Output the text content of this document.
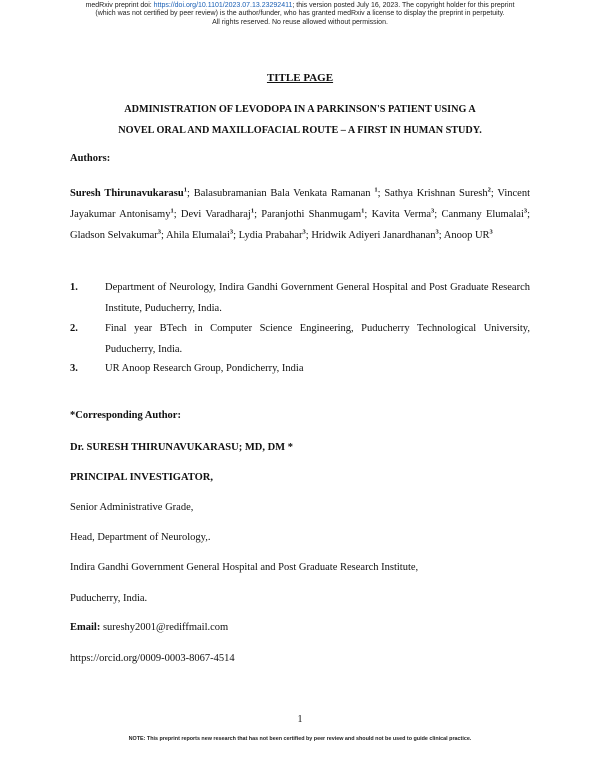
medRxiv preprint doi: https://doi.org/10.1101/2023.07.13.23292411; this version posted July 16, 2023. The copyright holder for this preprint
(which was not certified by peer review) is the author/funder, who has granted medRxiv a license to display the preprint in perpetuity.
All rights reserved. No reuse allowed without permission.
TITLE PAGE
ADMINISTRATION OF LEVODOPA IN A PARKINSON'S PATIENT USING A
NOVEL ORAL AND MAXILLOFACIAL ROUTE – A FIRST IN HUMAN STUDY.
Authors:
Suresh Thirunavukarasu$^1$; Balasubramanian Bala Venkata Ramanan $^1$; Sathya Krishnan Suresh$^2$; Vincent Jayakumar Antonisamy$^1$; Devi Varadharaj$^1$; Paranjothi Shanmugam$^1$; Kavita Verma$^3$; Canmany Elumalai$^3$; Gladson Selvakumar$^3$; Ahila Elumalai$^3$; Lydia Prabahar$^3$; Hridwik Adiyeri Janardhanan$^3$; Anoop $UR^3$
1.	Department of Neurology, Indira Gandhi Government General Hospital and Post Graduate Research Institute, Puducherry, India.
2.	Final year BTech in Computer Science Engineering, Puducherry Technological University, Puducherry, India.
3.	UR Anoop Research Group, Pondicherry, India
*Corresponding Author:
Dr. SURESH THIRUNAVUKARASU; MD, DM *
PRINCIPAL INVESTIGATOR,
Senior Administrative Grade,
Head, Department of Neurology,.
Indira Gandhi Government General Hospital and Post Graduate Research Institute,
Puducherry, India.
Email: sureshy2001@rediffmail.com
https://orcid.org/0009-0003-8067-4514
1
NOTE: This preprint reports new research that has not been certified by peer review and should not be used to guide clinical practice.
